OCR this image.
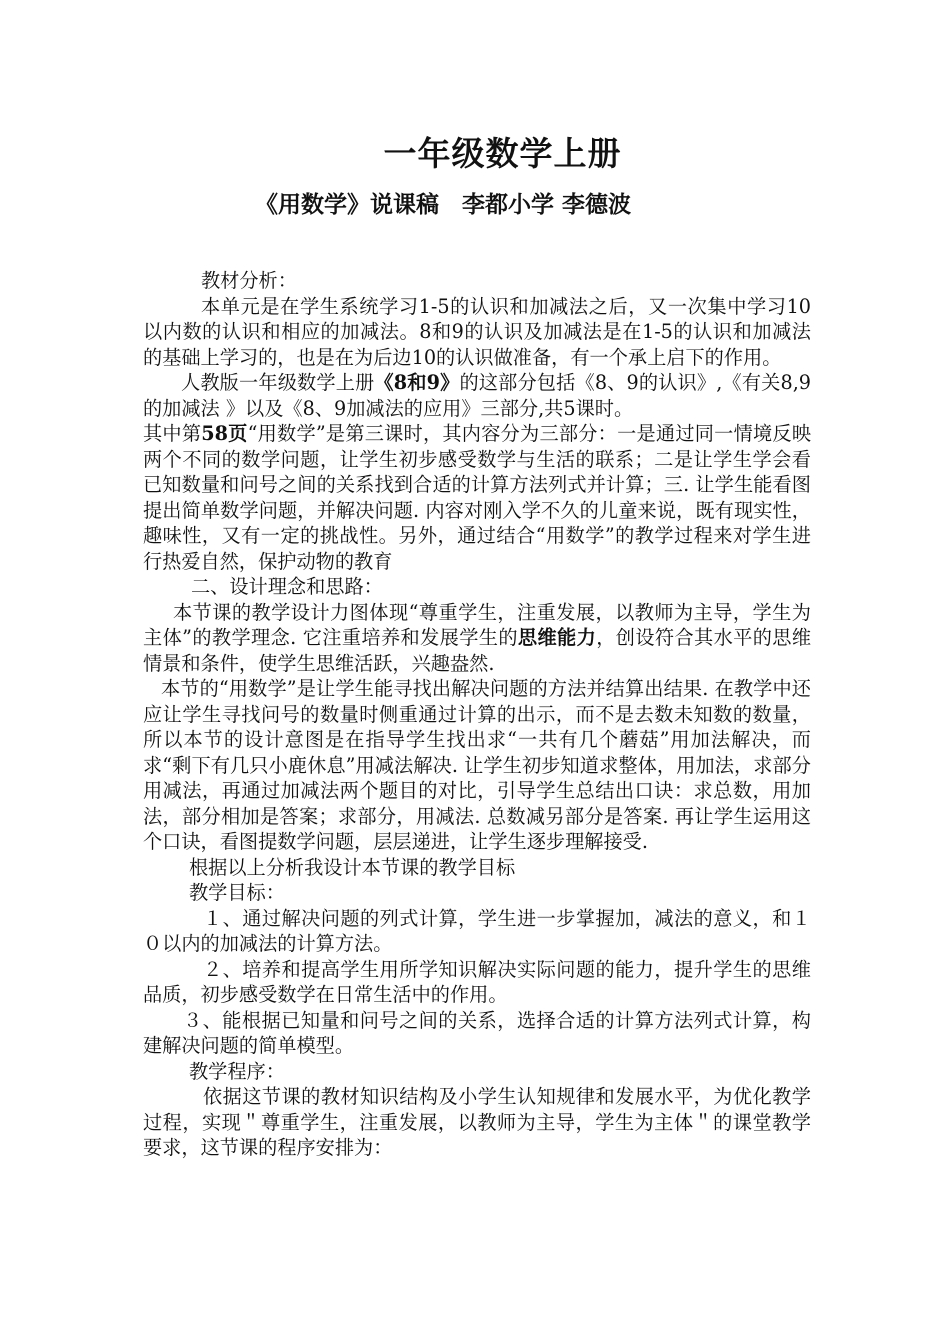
一年级数学上册
《用数学》说课稿　李都小学 李德波

教材分析：

本单元是在学生系统学习1-5的认识和加减法之后，又一次集中学习10以内数的认识和相应的加减法。8和9的认识及加减法是在1-5的认识和加减法的基础上学习的，也是在为后边10的认识做准备，有一个承上启下的作用。

人教版一年级数学上册《8和9》的这部分包括《8、9的认识》,《有关8,9的加减法 》以及《8、9加减法的应用》三部分,共5课时。

其中第58页“用数学”是第三课时，其内容分为三部分：一是通过同一情境反映两个不同的数学问题，让学生初步感受数学与生活的联系；二是让学生学会看已知数量和问号之间的关系找到合适的计算方法列式并计算；三. 让学生能看图提出简单数学问题，并解决问题. 内容对刚入学不久的儿童来说，既有现实性，趣味性，又有一定的挑战性。另外，通过结合“用数学”的教学过程来对学生进行热爱自然，保护动物的教育

二、设计理念和思路：

本节课的教学设计力图体现“尊重学生，注重发展，以教师为主导，学生为主体”的教学理念. 它注重培养和发展学生的思维能力，创设符合其水平的思维情景和条件，使学生思维活跃，兴趣盎然.

本节的“用数学”是让学生能寻找出解决问题的方法并结算出结果. 在教学中还应让学生寻找问号的数量时侧重通过计算的出示，而不是去数未知数的数量，所以本节的设计意图是在指导学生找出求“一共有几个蘑菇”用加法解决，而求“剩下有几只小鹿休息”用减法解决. 让学生初步知道求整体，用加法，求部分用减法，再通过加减法两个题目的对比，引导学生总结出口诀：求总数，用加法，部分相加是答案；求部分，用减法. 总数减另部分是答案. 再让学生运用这个口诀，看图提数学问题，层层递进，让学生逐步理解接受.

根据以上分析我设计本节课的教学目标

教学目标：

１、通过解决问题的列式计算，学生进一步掌握加，减法的意义，和１０以内的加减法的计算方法。

２、培养和提高学生用所学知识解决实际问题的能力，提升学生的思维品质，初步感受数学在日常生活中的作用。

３、能根据已知量和问号之间的关系，选择合适的计算方法列式计算，构建解决问题的简单模型。

教学程序：

依据这节课的教材知识结构及小学生认知规律和发展水平，为优化教学过程，实现＂尊重学生，注重发展，以教师为主导，学生为主体＂的课堂教学要求，这节课的程序安排为：
